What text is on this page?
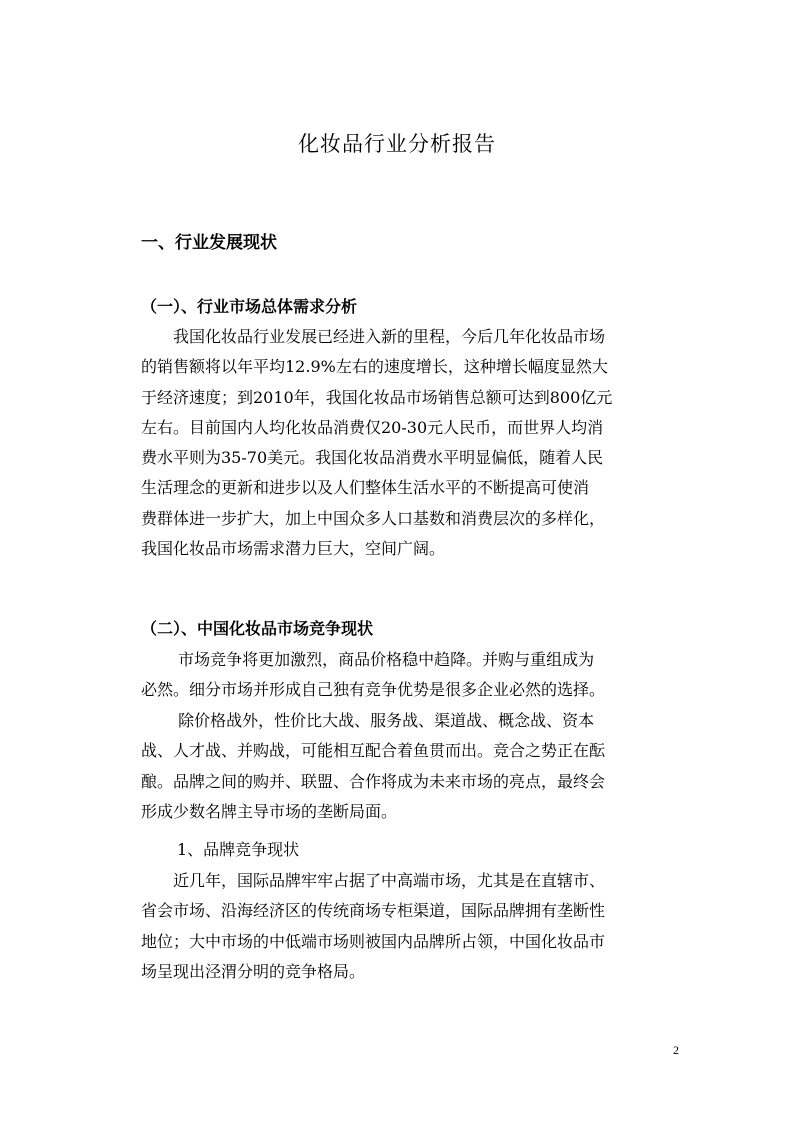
化妆品行业分析报告
一、行业发展现状
（一）、行业市场总体需求分析

　　我国化妆品行业发展已经进入新的里程，今后几年化妆品市场
的销售额将以年平均12.9%左右的速度增长，这种增长幅度显然大
于经济速度；到2010年，我国化妆品市场销售总额可达到800亿元
左右。目前国内人均化妆品消费仅20-30元人民币，而世界人均消
费水平则为35-70美元。我国化妆品消费水平明显偏低，随着人民
生活理念的更新和进步以及人们整体生活水平的不断提高可使消
费群体进一步扩大，加上中国众多人口基数和消费层次的多样化，
我国化妆品市场需求潜力巨大，空间广阔。

（二）、中国化妆品市场竞争现状

　　 市场竞争将更加激烈，商品价格稳中趋降。并购与重组成为
必然。细分市场并形成自己独有竞争优势是很多企业必然的选择。

　　 除价格战外，性价比大战、服务战、渠道战、概念战、资本
战、人才战、并购战，可能相互配合着鱼贯而出。竞合之势正在酝
酿。品牌之间的购并、联盟、合作将成为未来市场的亮点，最终会
形成少数名牌主导市场的垄断局面。

1、品牌竞争现状

　　近几年，国际品牌牢牢占据了中高端市场，尤其是在直辖市、
省会市场、沿海经济区的传统商场专柜渠道，国际品牌拥有垄断性
地位；大中市场的中低端市场则被国内品牌所占领，中国化妆品市
场呈现出泾渭分明的竞争格局。

2
